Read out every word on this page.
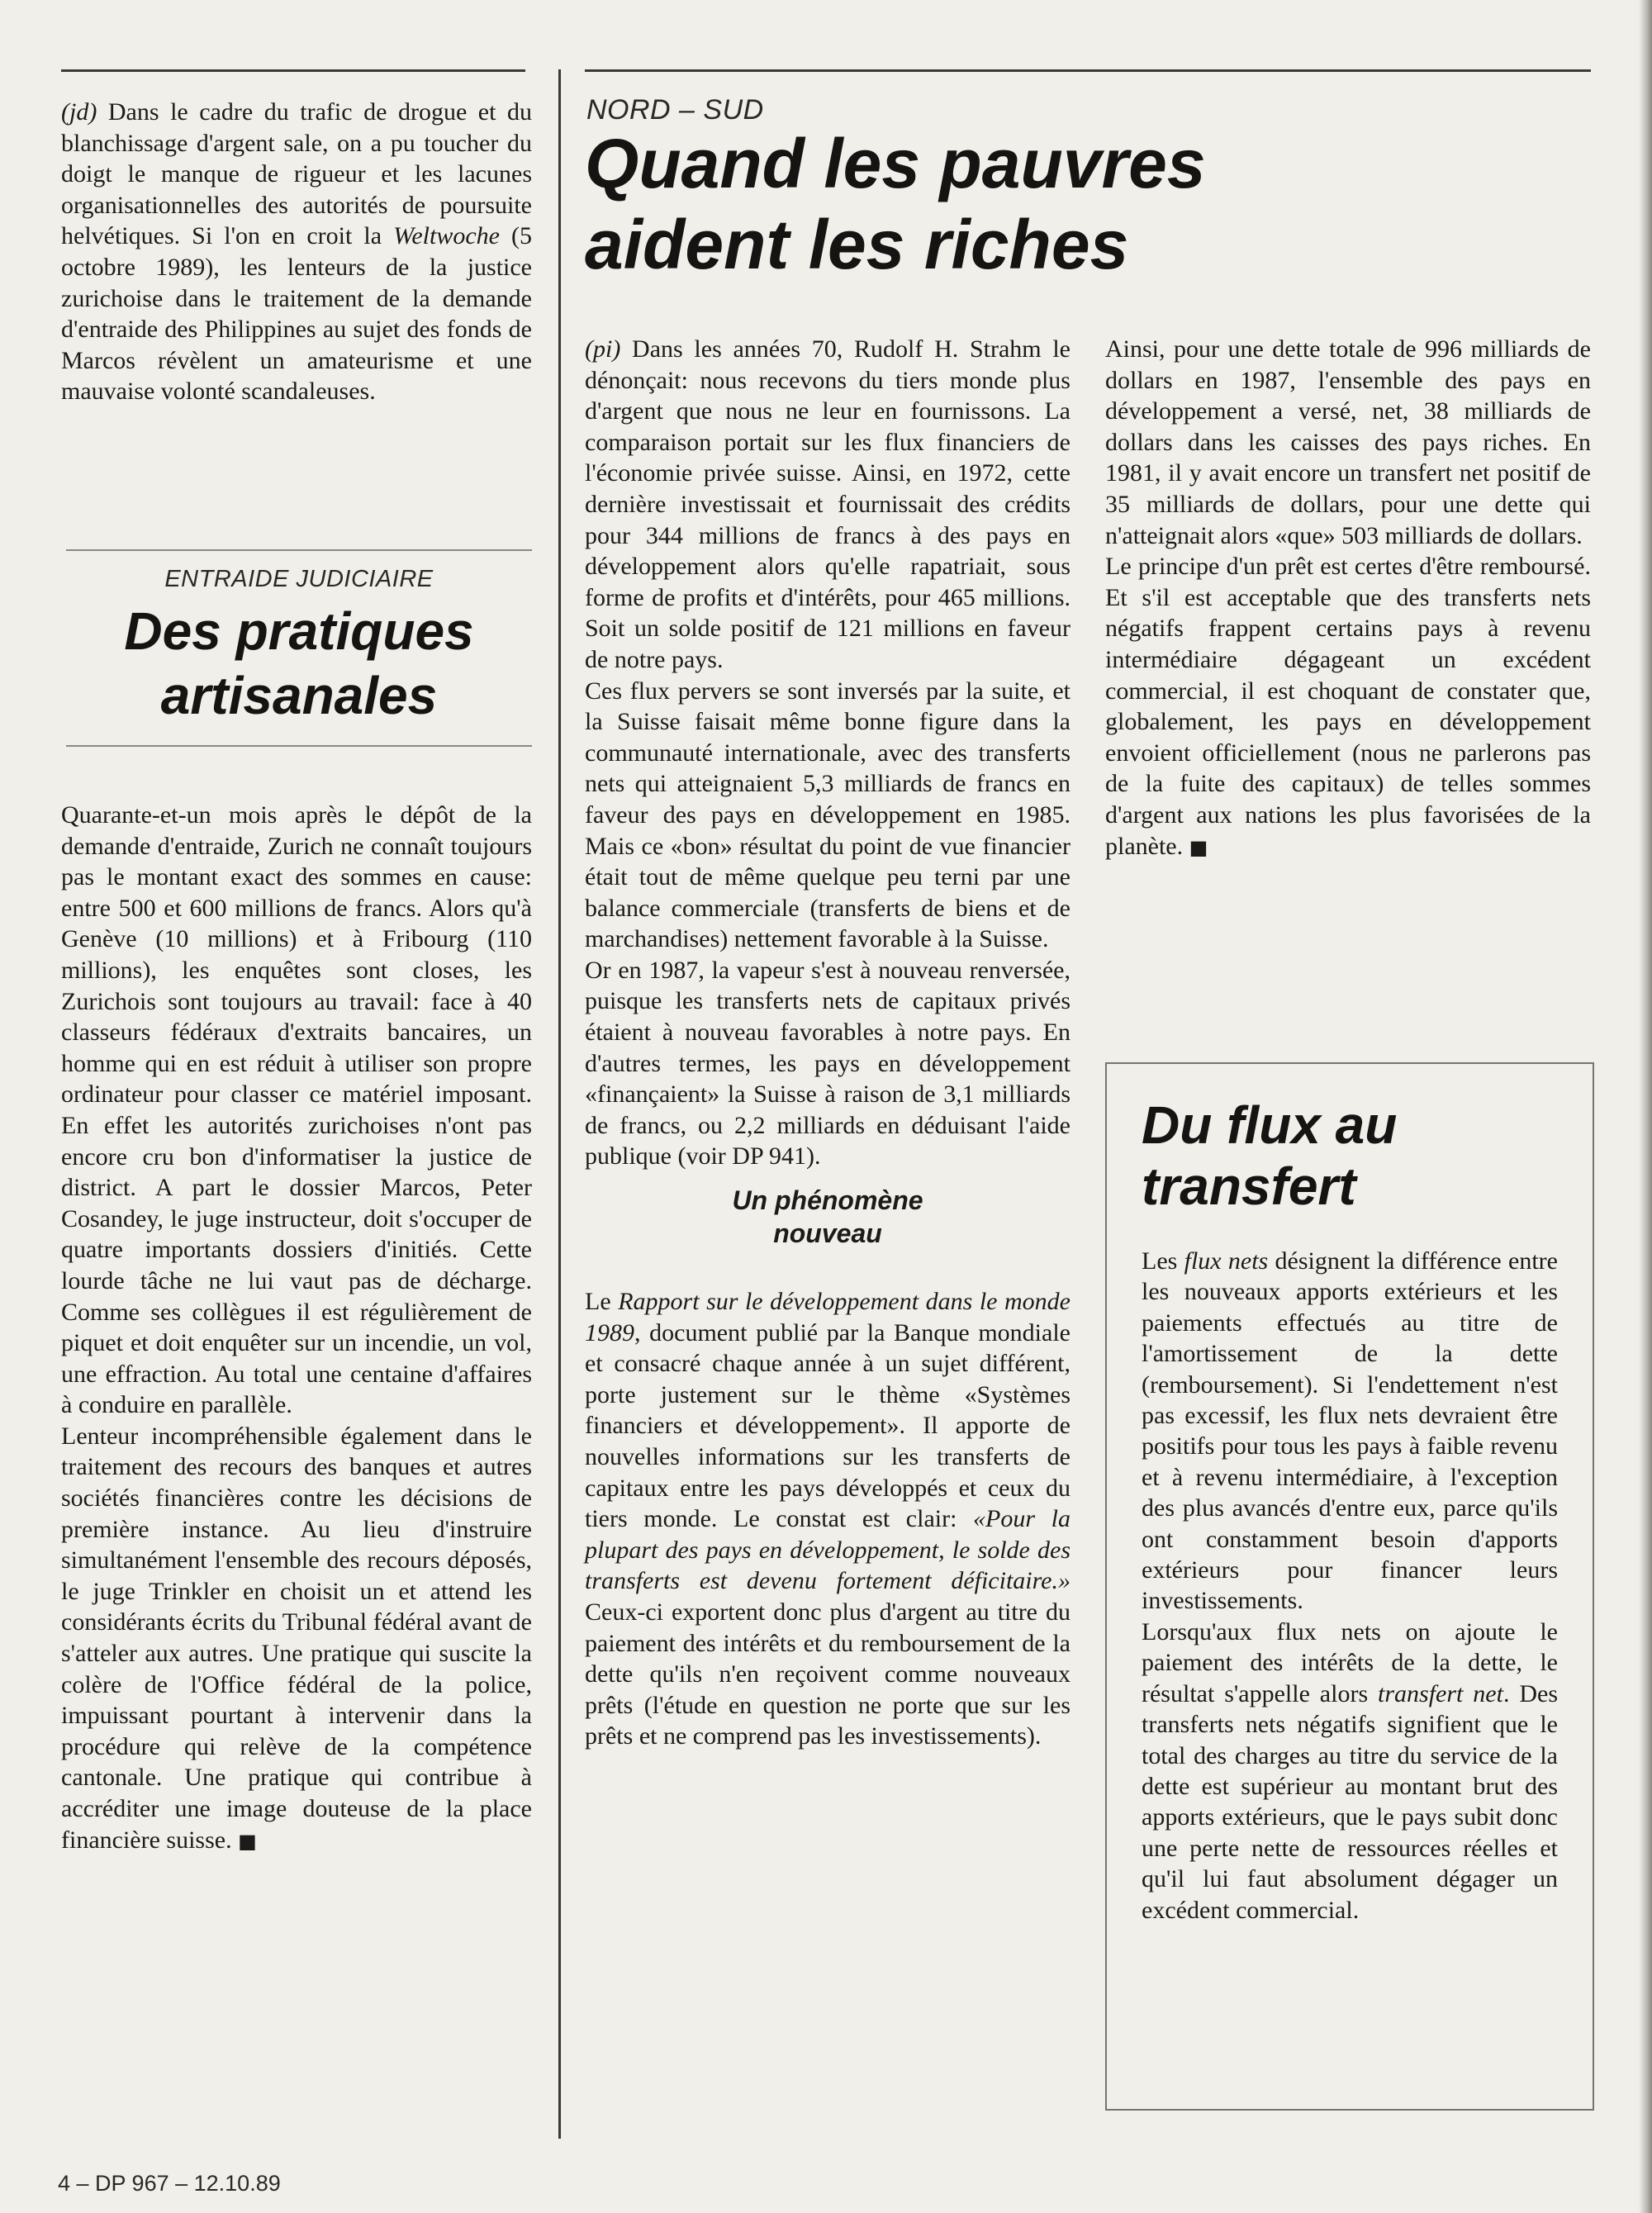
(jd) Dans le cadre du trafic de drogue et du blanchissage d'argent sale, on a pu toucher du doigt le manque de rigueur et les lacunes organisationnelles des autorités de poursuite helvétiques. Si l'on en croit la Weltwoche (5 octobre 1989), les lenteurs de la justice zurichoise dans le traitement de la demande d'entraide des Philippines au sujet des fonds de Marcos révèlent un amateurisme et une mauvaise volonté scandaleuses.

ENTRAIDE JUDICIAIRE
Des pratiques
artisanales

Quarante-et-un mois après le dépôt de la demande d'entraide, Zurich ne connaît toujours pas le montant exact des sommes en cause: entre 500 et 600 millions de francs. Alors qu'à Genève (10 millions) et à Fribourg (110 millions), les enquêtes sont closes, les Zurichois sont toujours au travail: face à 40 classeurs fédéraux d'extraits bancaires, un homme qui en est réduit à utiliser son propre ordinateur pour classer ce matériel imposant. En effet les autorités zurichoises n'ont pas encore cru bon d'informatiser la justice de district. A part le dossier Marcos, Peter Cosandey, le juge instructeur, doit s'occuper de quatre importants dossiers d'initiés. Cette lourde tâche ne lui vaut pas de décharge. Comme ses collègues il est régulièrement de piquet et doit enquêter sur un incendie, un vol, une effraction. Au total une centaine d'affaires à conduire en parallèle.

Lenteur incompréhensible également dans le traitement des recours des banques et autres sociétés financières contre les décisions de première instance. Au lieu d'instruire simultanément l'ensemble des recours déposés, le juge Trinkler en choisit un et attend les considérants écrits du Tribunal fédéral avant de s'atteler aux autres. Une pratique qui suscite la colère de l'Office fédéral de la police, impuissant pourtant à intervenir dans la procédure qui relève de la compétence cantonale. Une pratique qui contribue à accréditer une image douteuse de la place financière suisse. ■

NORD – SUD
Quand les pauvres
aident les riches

(pi) Dans les années 70, Rudolf H. Strahm le dénonçait: nous recevons du tiers monde plus d'argent que nous ne leur en fournissons. La comparaison portait sur les flux financiers de l'économie privée suisse. Ainsi, en 1972, cette dernière investissait et fournissait des crédits pour 344 millions de francs à des pays en développement alors qu'elle rapatriait, sous forme de profits et d'intérêts, pour 465 millions. Soit un solde positif de 121 millions en faveur de notre pays.

Ces flux pervers se sont inversés par la suite, et la Suisse faisait même bonne figure dans la communauté internationale, avec des transferts nets qui atteignaient 5,3 milliards de francs en faveur des pays en développement en 1985. Mais ce «bon» résultat du point de vue financier était tout de même quelque peu terni par une balance commerciale (transferts de biens et de marchandises) nettement favorable à la Suisse.

Or en 1987, la vapeur s'est à nouveau renversée, puisque les transferts nets de capitaux privés étaient à nouveau favorables à notre pays. En d'autres termes, les pays en développement «finançaient» la Suisse à raison de 3,1 milliards de francs, ou 2,2 milliards en déduisant l'aide publique (voir DP 941).

Un phénomène
nouveau

Le Rapport sur le développement dans le monde 1989, document publié par la Banque mondiale et consacré chaque année à un sujet différent, porte justement sur le thème «Systèmes financiers et développement». Il apporte de nouvelles informations sur les transferts de capitaux entre les pays développés et ceux du tiers monde. Le constat est clair: «Pour la plupart des pays en développement, le solde des transferts est devenu fortement déficitaire.» Ceux-ci exportent donc plus d'argent au titre du paiement des intérêts et du remboursement de la dette qu'ils n'en reçoivent comme nouveaux prêts (l'étude en question ne porte que sur les prêts et ne comprend pas les investissements).

Ainsi, pour une dette totale de 996 milliards de dollars en 1987, l'ensemble des pays en développement a versé, net, 38 milliards de dollars dans les caisses des pays riches. En 1981, il y avait encore un transfert net positif de 35 milliards de dollars, pour une dette qui n'atteignait alors «que» 503 milliards de dollars.

Le principe d'un prêt est certes d'être remboursé. Et s'il est acceptable que des transferts nets négatifs frappent certains pays à revenu intermédiaire dégageant un excédent commercial, il est choquant de constater que, globalement, les pays en développement envoient officiellement (nous ne parlerons pas de la fuite des capitaux) de telles sommes d'argent aux nations les plus favorisées de la planète. ■

Du flux au
transfert

Les flux nets désignent la différence entre les nouveaux apports extérieurs et les paiements effectués au titre de l'amortissement de la dette (remboursement). Si l'endettement n'est pas excessif, les flux nets devraient être positifs pour tous les pays à faible revenu et à revenu intermédiaire, à l'exception des plus avancés d'entre eux, parce qu'ils ont constamment besoin d'apports extérieurs pour financer leurs investissements.

Lorsqu'aux flux nets on ajoute le paiement des intérêts de la dette, le résultat s'appelle alors transfert net. Des transferts nets négatifs signifient que le total des charges au titre du service de la dette est supérieur au montant brut des apports extérieurs, que le pays subit donc une perte nette de ressources réelles et qu'il lui faut absolument dégager un excédent commercial.

4 – DP 967 – 12.10.89
